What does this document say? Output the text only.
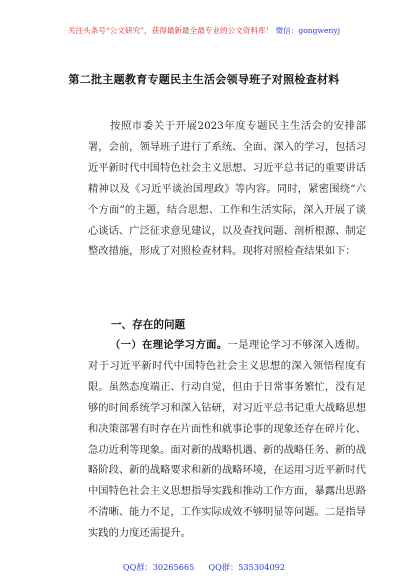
关注头条号“公文研究”，获得最新最全最专业的公文资料库！ 微信：gongwenyj
第二批主题教育专题民主生活会领导班子对照检查材料
按照市委关于开展2023年度专题民主生活会的安排部署，会前，领导班子进行了系统、全面、深入的学习，包括习近平新时代中国特色社会主义思想、习近平总书记的重要讲话精神以及《习近平谈治国理政》等内容。同时，紧密围绕“六个方面”的主题，结合思想、工作和生活实际，深入开展了谈心谈话、广泛征求意见建议，以及查找问题、剖析根源、制定整改措施，形成了对照检查材料。现将对照检查结果如下：
一、存在的问题
（一）在理论学习方面。一是理论学习不够深入透彻。对于习近平新时代中国特色社会主义思想的深入领悟程度有限。虽然态度端正、行动自觉，但由于日常事务繁忙，没有足够的时间系统学习和深入钻研，对习近平总书记重大战略思想和决策部署有时存在片面性和就事论事的现象还存在碎片化、急功近利等现象。面对新的战略机遇、新的战略任务、新的战略阶段、新的战略要求和新的战略环境，在运用习近平新时代中国特色社会主义思想指导实践和推动工作方面，暴露出思路不清晰、能力不足，工作实际成效不够明显等问题。二是指导实践的力度还需提升。
QQ群：30265665 QQ群：535304092
